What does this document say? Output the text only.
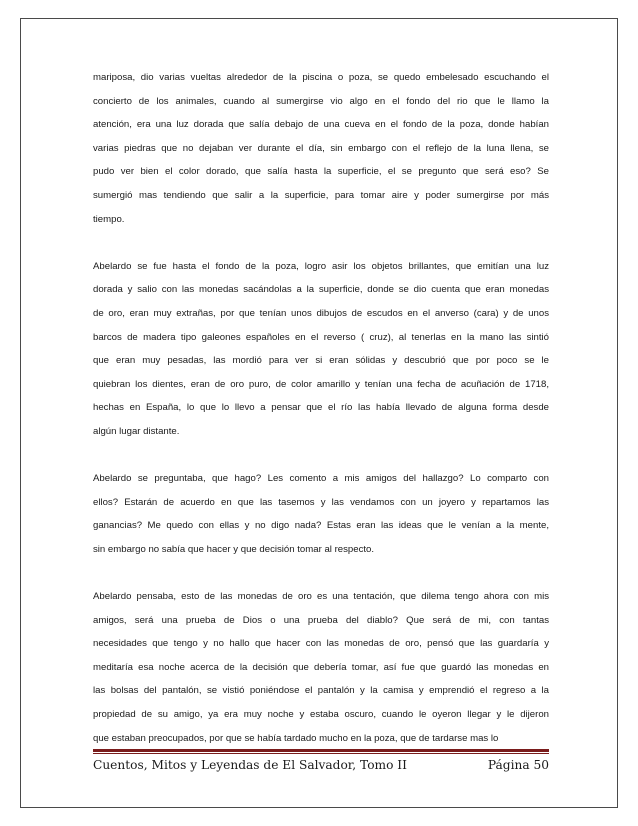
mariposa, dio varias vueltas alrededor de la piscina o poza, se quedo embelesado escuchando el
concierto de los animales, cuando al sumergirse vio algo en el fondo del rio que le llamo la
atención, era una luz dorada que salía debajo de una cueva en el fondo de la poza, donde habían
varias piedras que no dejaban ver durante el día, sin embargo con el reflejo de la luna llena, se
pudo ver bien el color dorado, que salía hasta la superficie, el se pregunto que será eso? Se
sumergió mas tendiendo que salir a la superficie, para tomar aire y poder sumergirse por más
tiempo.
Abelardo se fue hasta el fondo de la poza, logro asir los objetos brillantes, que emitían una luz
dorada y salio con las monedas sacándolas a la superficie, donde se dio cuenta que eran monedas
de oro, eran muy extrañas, por que tenían unos dibujos de escudos en el anverso (cara) y de unos
barcos de madera tipo galeones españoles en el reverso ( cruz), al tenerlas en la mano las sintió
que eran muy pesadas, las mordió para ver si eran sólidas y descubrió que por poco se le
quiebran los dientes, eran de oro puro, de color amarillo y tenían una fecha de acuñación de 1718,
hechas en España, lo que lo llevo a pensar que el río las había llevado de alguna forma desde
algún lugar distante.
Abelardo se preguntaba, que hago? Les comento a mis amigos del hallazgo? Lo comparto con
ellos? Estarán de acuerdo en que las tasemos y las vendamos con un joyero y repartamos las
ganancias? Me quedo con ellas y no digo nada? Estas eran las ideas que le venían a la mente,
sin embargo no sabía que hacer y que decisión tomar al respecto.
Abelardo pensaba, esto de las monedas de oro es una tentación, que dilema tengo ahora con mis
amigos, será una prueba de Dios o una prueba del diablo? Que será de mi, con tantas
necesidades que tengo y no hallo que hacer con las monedas de oro, pensó que las guardaría y
meditaría esa noche acerca de la decisión que debería tomar, así fue que guardó las monedas en
las bolsas del pantalón, se vistió poniéndose el pantalón y la camisa y emprendió el regreso a la
propiedad de su amigo, ya era muy noche y estaba oscuro, cuando le oyeron llegar y le dijeron
que estaban preocupados, por que se había tardado mucho en la poza, que de tardarse mas lo
Cuentos, Mitos y Leyendas de El Salvador, Tomo II	Página 50
